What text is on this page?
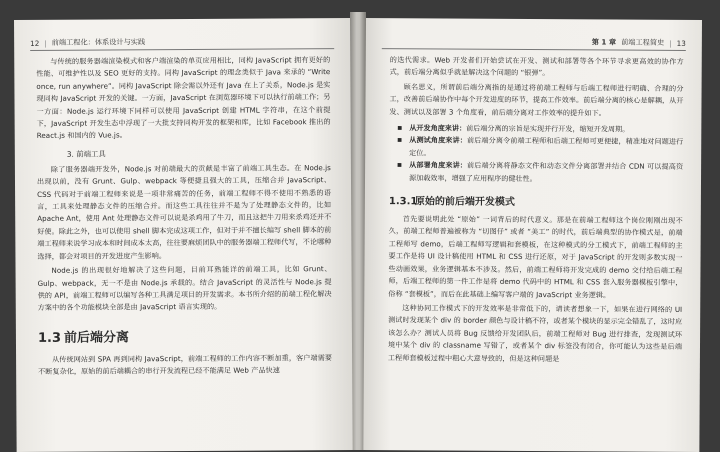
12 | 前端工程化：体系设计与实践

与传统的服务器端渲染模式和客户端渲染的单页应用相比，同构 JavaScript 拥有更好的性能、可维护性以及 SEO 更好的支持。同构 JavaScript 的理念类似于 Java 来承的 “Write once, run anywhere”。同构 JavaScript 除会需以外还有 Java 在上了关系，Node.js 是实现同构 JavaScript 开发的关键。一方面，JavaScript 在浏览器环境下可以执行前端工作；另一方面：Node.js 运行环境下同样可以使用 JavaScript 创建 HTML 字符串，在这个前提下，JavaScript 开发生态中浮现了一大批支持同构开发的框架和库，比如 Facebook 推出的 React.js 和国内的 Vue.js。

3. 前端工具

除了服务器端开发外，Node.js 对前端最大的贡献是丰富了前端工具生态。在 Node.js 出现以前，没有 Grunt、Gulp、webpack 等便捷且强大的工具，压缩合并 JavaScript、CSS 代码对于前端工程师来说是一项非常痛苦的任务，前端工程师不得不使用不熟悉的语言，工具来处理静态文件的压缩合并。而这些工具往往并不是为了处理静态文件的，比如 Apache Ant，使用 Ant 处理静态文件可以说是杀鸡用了牛刀，而且这把牛刀用来杀鸡还并不好使。除此之外，也可以使用 shell 脚本完成这项工作，但对于并不擅长编写 shell 脚本的前端工程师来说学习成本和时间成本太高，往往要麻烦团队中的服务器端工程师代写，不论哪种选择，都会对项目的开发进度产生影响。

Node.js 的出现很好地解决了这些问题，目前耳熟能详的前端工具，比如 Grunt、Gulp、webpack，无一不是由 Node.js 承载的。结合 JavaScript 的灵活性与 Node.js 提供的 API，前端工程师可以编写各种工具满足项目的开发需求。本书所介绍的前端工程化解决方案中的各个功能模块全部是由 JavaScript 语言实现的。

1.3 前后端分离

从传统网站到 SPA 再到同构 JavaScript，前端工程师的工作内容不断加重，客户端需要不断复杂化，原始的前后端耦合的串行开发流程已经不能满足 Web 产品快速

第 1 章 前端工程简史 | 13

的迭代需求。Web 开发者们开始尝试在开发、测试和部署等各个环节寻求更高效的协作方式，前后端分离似乎就是解决这个问题的 “银弹”。

顾名思义，所谓前后端分离指的是通过将前端工程师与后端工程师进行明确、合理的分工，改善前后端协作中每个开发进度的环节，提高工作效率。前后端分离的核心是解耦，从开发、测试以及部署 3 个角度看，前后端分离对工作效率的提升如下。

■ 从开发角度来讲：前后端分离的宗旨是实现并行开发，缩短开发周期。
■ 从测试角度来讲：前后端分离令前端工程师和后端工程师可更便捷，精准地对问题进行定位。
■ 从部署角度来讲：前后端分离将静态文件和动态文件分离部署并结合 CDN 可以提高资源加载效率，增强了应用程序的健壮性。
1.3.1
原始的前后端开发模式

首先要说明此处 “原始” 一词背后的时代意义。那是在前端工程师这个岗位刚刚出现不久，前端工程师普遍被称为 “切图仔” 或者 “美工” 的时代，前后端典型的协作模式是，前端工程师写 demo，后端工程师写逻辑和套模板，在这种模式的分工模式下，前端工程师的主要工作是将 UI 设计稿使用 HTML 和 CSS 进行还原，对于 JavaScript 的开发则多数实现一些动画效果，业务逻辑基本不涉及。然后，前端工程师将开发完成的 demo 交付给后端工程师，后端工程师的第一件工作是将 demo 代码中的 HTML 和 CSS 套入服务器模板引擎中，俗称 “套模板”，而后在此基础上编写客户端的 JavaScript 业务逻辑。

这种协同工作模式下的开发效率是非常低下的，请读者想象一下，如果在进行网络的 UI 测试时发现某个 div 的 border 颜色与设计稿不符，或者某个模块的显示完全错乱了，这时应该怎么办？测试人员将 Bug 反馈给开发团队后，前端工程师对 Bug 进行排查，发现测试环境中某个 div 的 classname 写错了，或者某个 div 标签没有闭合，你可能认为这些是后端工程师套模板过程中粗心大意导致的，但是这种问题是
